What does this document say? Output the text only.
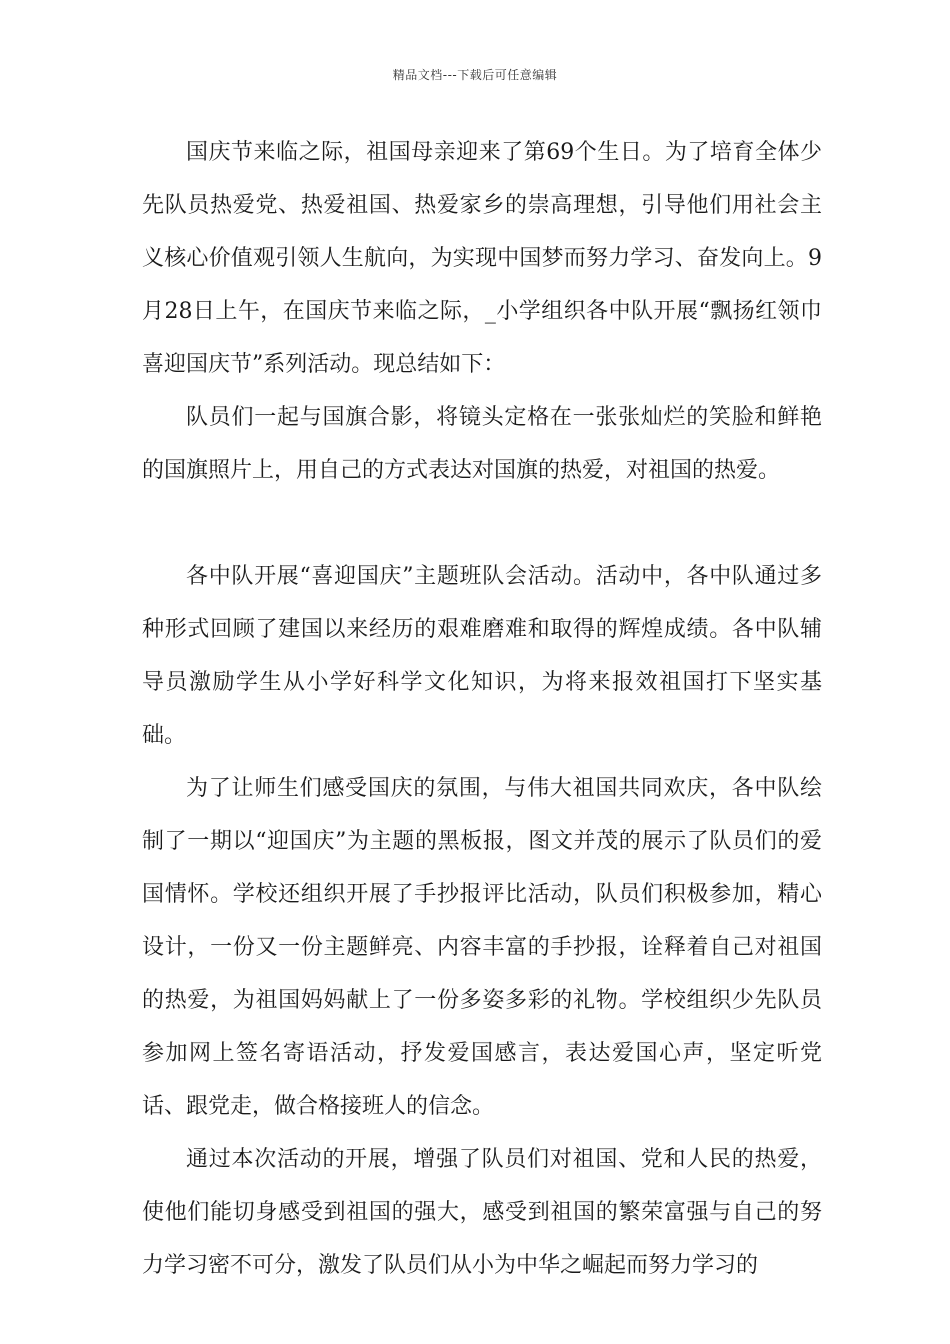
精品文档---下载后可任意编辑

国庆节来临之际，祖国母亲迎来了第69个生日。为了培育全体少先队员热爱党、热爱祖国、热爱家乡的崇高理想，引导他们用社会主义核心价值观引领人生航向，为实现中国梦而努力学习、奋发向上。9月28日上午，在国庆节来临之际，_小学组织各中队开展“飘扬红领巾喜迎国庆节”系列活动。现总结如下：

队员们一起与国旗合影，将镜头定格在一张张灿烂的笑脸和鲜艳的国旗照片上，用自己的方式表达对国旗的热爱，对祖国的热爱。

各中队开展“喜迎国庆”主题班队会活动。活动中，各中队通过多种形式回顾了建国以来经历的艰难磨难和取得的辉煌成绩。各中队辅导员激励学生从小学好科学文化知识，为将来报效祖国打下坚实基础。

为了让师生们感受国庆的氛围，与伟大祖国共同欢庆，各中队绘制了一期以“迎国庆”为主题的黑板报，图文并茂的展示了队员们的爱国情怀。学校还组织开展了手抄报评比活动，队员们积极参加，精心设计，一份又一份主题鲜亮、内容丰富的手抄报，诠释着自己对祖国的热爱，为祖国妈妈献上了一份多姿多彩的礼物。学校组织少先队员参加网上签名寄语活动，抒发爱国感言，表达爱国心声，坚定听党话、跟党走，做合格接班人的信念。

通过本次活动的开展，增强了队员们对祖国、党和人民的热爱，使他们能切身感受到祖国的强大，感受到祖国的繁荣富强与自己的努力学习密不可分，激发了队员们从小为中华之崛起而努力学习的
